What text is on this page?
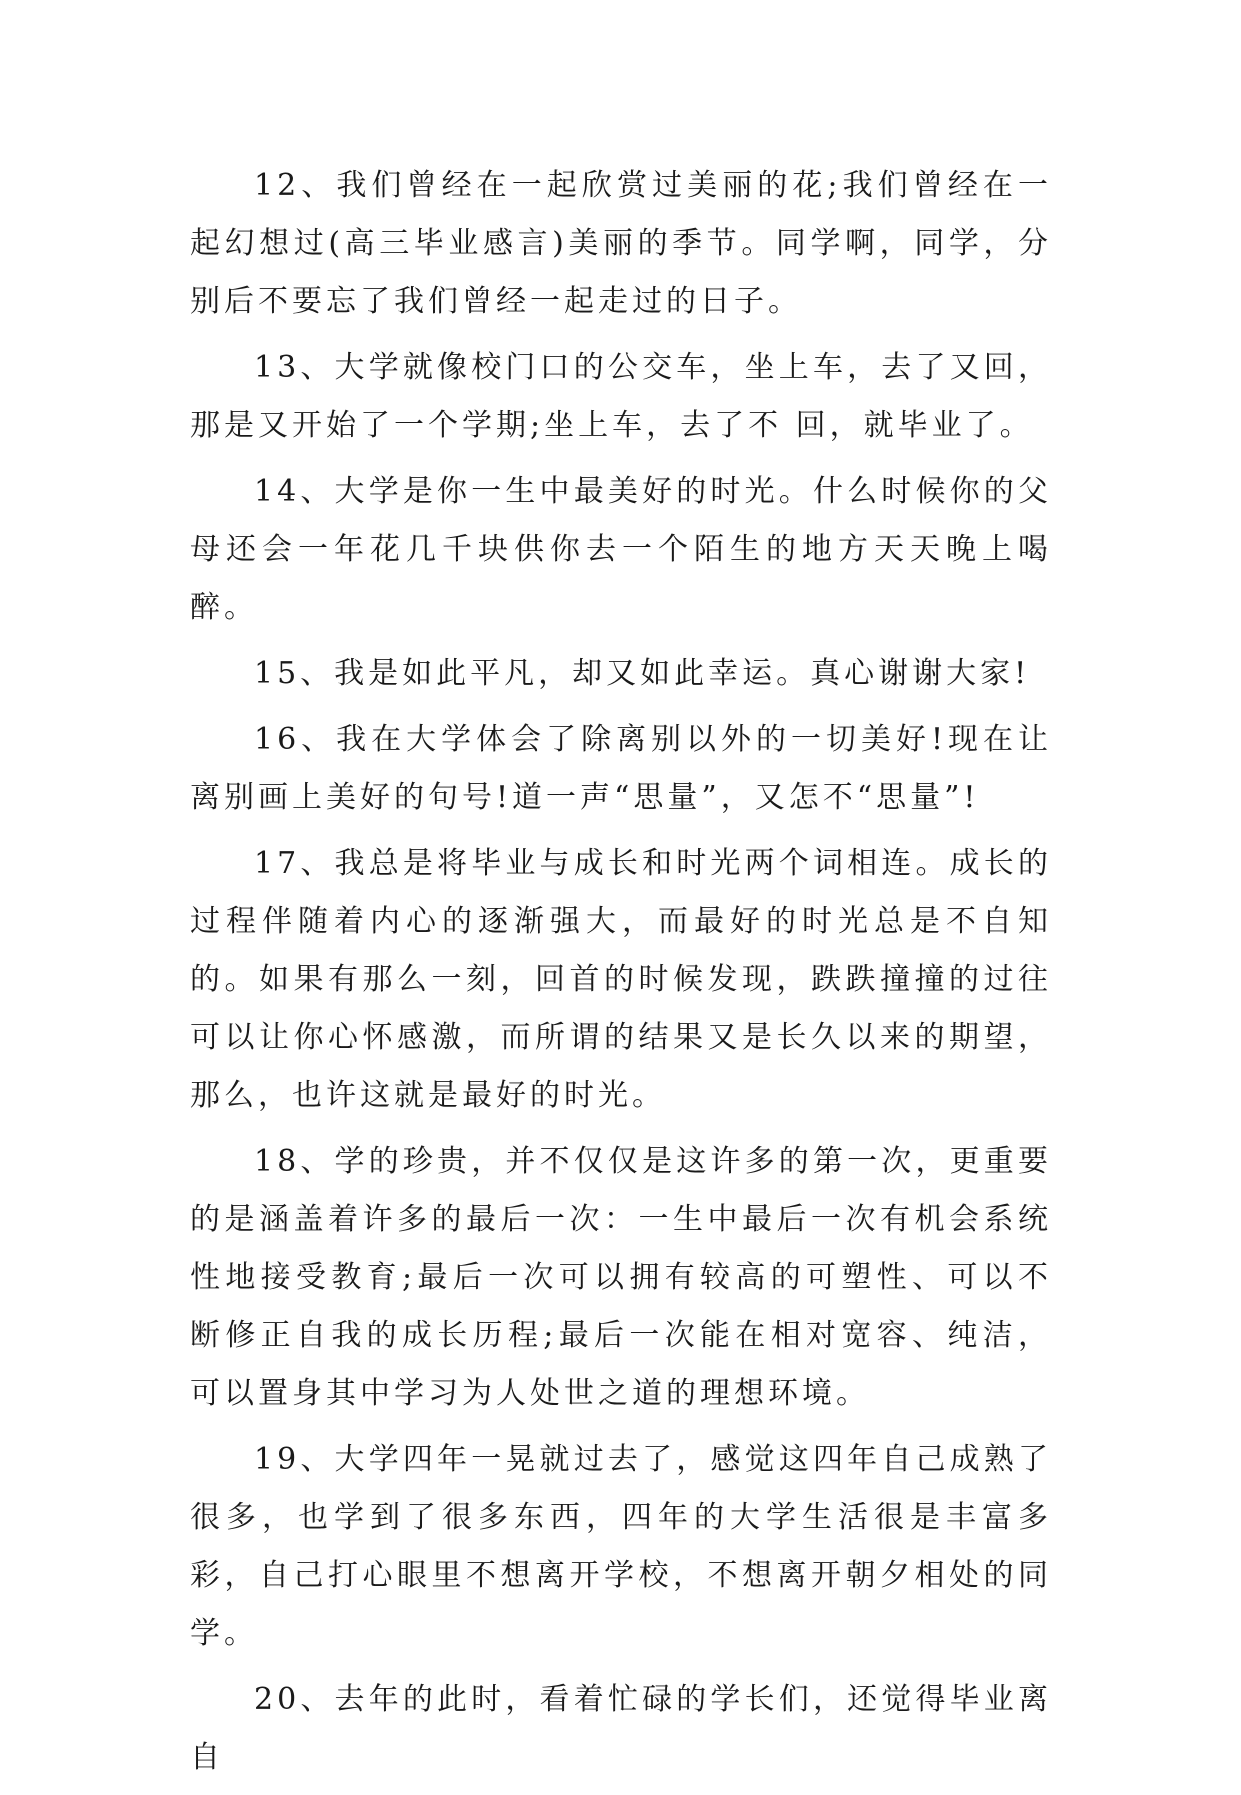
12、我们曾经在一起欣赏过美丽的花;我们曾经在一起幻想过(高三毕业感言)美丽的季节。同学啊，同学，分别后不要忘了我们曾经一起走过的日子。

13、大学就像校门口的公交车，坐上车，去了又回，那是又开始了一个学期;坐上车，去了不 回，就毕业了。

14、大学是你一生中最美好的时光。什么时候你的父母还会一年花几千块供你去一个陌生的地方天天晚上喝醉。

15、我是如此平凡，却又如此幸运。真心谢谢大家!

16、我在大学体会了除离别以外的一切美好!现在让离别画上美好的句号!道一声“思量”，又怎不“思量”!

17、我总是将毕业与成长和时光两个词相连。成长的过程伴随着内心的逐渐强大，而最好的时光总是不自知的。如果有那么一刻，回首的时候发现，跌跌撞撞的过往可以让你心怀感激，而所谓的结果又是长久以来的期望，那么，也许这就是最好的时光。

18、学的珍贵，并不仅仅是这许多的第一次，更重要的是涵盖着许多的最后一次：一生中最后一次有机会系统性地接受教育;最后一次可以拥有较高的可塑性、可以不断修正自我的成长历程;最后一次能在相对宽容、纯洁，可以置身其中学习为人处世之道的理想环境。

19、大学四年一晃就过去了，感觉这四年自己成熟了很多，也学到了很多东西，四年的大学生活很是丰富多彩，自己打心眼里不想离开学校，不想离开朝夕相处的同学。

20、去年的此时，看着忙碌的学长们，还觉得毕业离自
